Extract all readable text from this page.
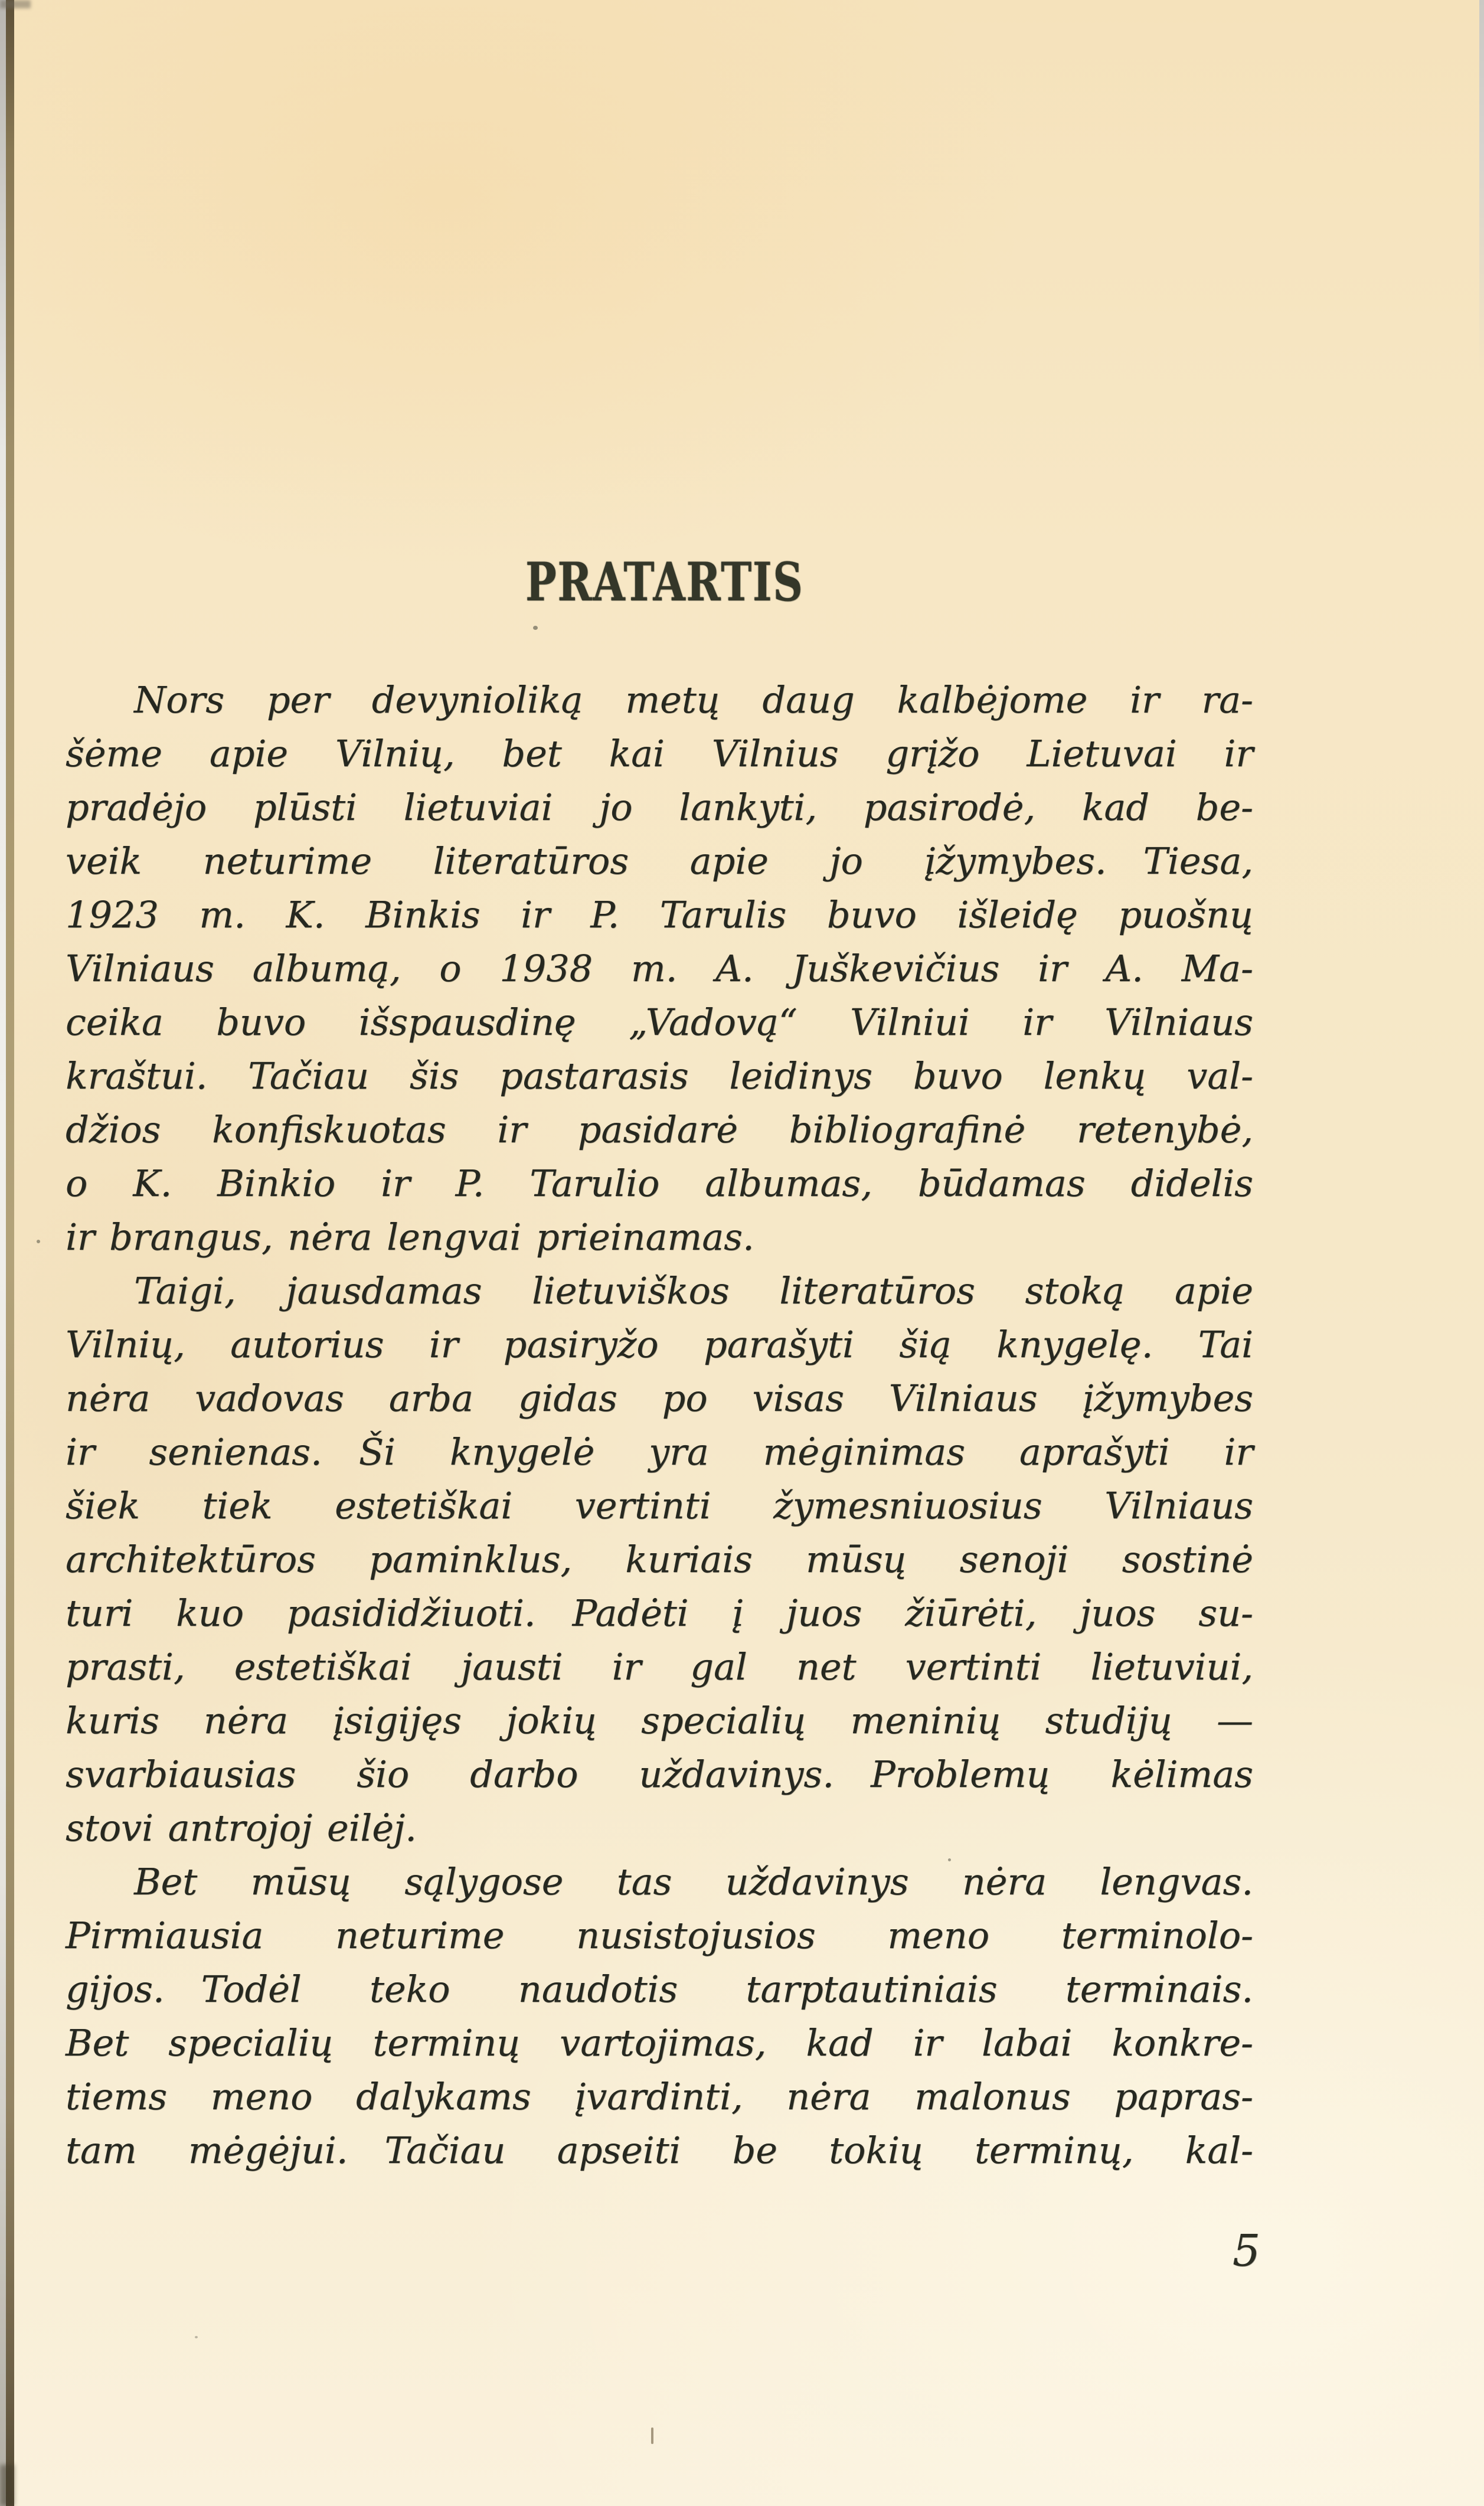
PRATARTIS
Nors per devynioliką metų daug kalbėjome ir ra-
šėme apie Vilnių, bet kai Vilnius grįžo Lietuvai ir
pradėjo plūsti lietuviai jo lankyti, pasirodė, kad be-
veik neturime literatūros apie jo įžymybes. Tiesa,
1923 m. K. Binkis ir P. Tarulis buvo išleidę puošnų
Vilniaus albumą, o 1938 m. A. Juškevičius ir A. Ma-
ceika buvo išspausdinę „Vadovą“ Vilniui ir Vilniaus
kraštui. Tačiau šis pastarasis leidinys buvo lenkų val-
džios konfiskuotas ir pasidarė bibliografinė retenybė,
o K. Binkio ir P. Tarulio albumas, būdamas didelis
ir brangus, nėra lengvai prieinamas.
Taigi, jausdamas lietuviškos literatūros stoką apie
Vilnių, autorius ir pasiryžo parašyti šią knygelę. Tai
nėra vadovas arba gidas po visas Vilniaus įžymybes
ir senienas. Ši knygelė yra mėginimas aprašyti ir
šiek tiek estetiškai vertinti žymesniuosius Vilniaus
architektūros paminklus, kuriais mūsų senoji sostinė
turi kuo pasididžiuoti. Padėti į juos žiūrėti, juos su-
prasti, estetiškai jausti ir gal net vertinti lietuviui,
kuris nėra įsigijęs jokių specialių meninių studijų —
svarbiausias šio darbo uždavinys. Problemų kėlimas
stovi antrojoj eilėj.
Bet mūsų sąlygose tas uždavinys nėra lengvas.
Pirmiausia neturime nusistojusios meno terminolo-
gijos. Todėl teko naudotis tarptautiniais terminais.
Bet specialių terminų vartojimas, kad ir labai konkre-
tiems meno dalykams įvardinti, nėra malonus papras-
tam mėgėjui. Tačiau apseiti be tokių terminų, kal-
5
